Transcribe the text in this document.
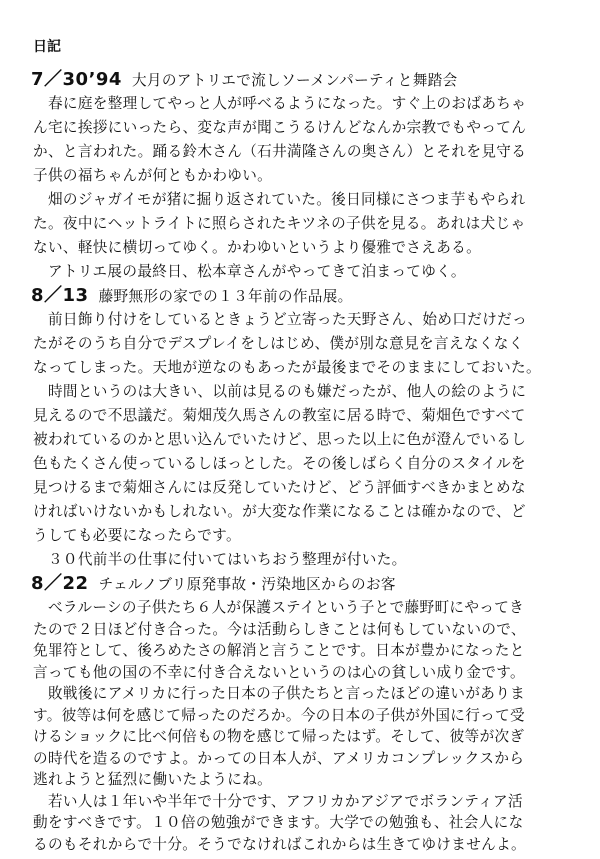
日記
7／30’94 大月のアトリエで流しソーメンパーティと舞踏会
　春に庭を整理してやっと人が呼べるようになった。すぐ上のおばあちゃ
ん宅に挨拶にいったら、変な声が聞こうるけんどなんか宗教でもやってん
か、と言われた。踊る鈴木さん（石井満隆さんの奥さん）とそれを見守る
子供の福ちゃんが何ともかわゆい。
　畑のジャガイモが猪に掘り返されていた。後日同様にさつま芋もやられ
た。夜中にヘットライトに照らされたキツネの子供を見る。あれは犬じゃ
ない、軽快に横切ってゆく。かわゆいというより優雅でさえある。
　アトリエ展の最終日、松本章さんがやってきて泊まってゆく。
8／13 藤野無形の家での１３年前の作品展。
　前日飾り付けをしているときょうど立寄った天野さん、始め口だけだっ
たがそのうち自分でデスプレイをしはじめ、僕が別な意見を言えなくなく
なってしまった。天地が逆なのもあったが最後までそのままにしておいた。
　時間というのは大きい、以前は見るのも嫌だったが、他人の絵のように
見えるので不思議だ。菊畑茂久馬さんの教室に居る時で、菊畑色ですべて
被われているのかと思い込んでいたけど、思った以上に色が澄んでいるし
色もたくさん使っているしほっとした。その後しばらく自分のスタイルを
見つけるまで菊畑さんには反発していたけど、どう評価すべきかまとめな
ければいけないかもしれない。が大変な作業になることは確かなので、ど
うしても必要になったらです。
　３０代前半の仕事に付いてはいちおう整理が付いた。
8／22 チェルノブリ原発事故・汚染地区からのお客
　べラルーシの子供たち６人が保護ステイという子とで藤野町にやってき
たので２日ほど付き合った。今は活動らしきことは何もしていないので、
免罪符として、後ろめたさの解消と言うことです。日本が豊かになったと
言っても他の国の不幸に付き合えないというのは心の貧しい成り金です。
　敗戦後にアメリカに行った日本の子供たちと言ったほどの違いがありま
す。彼等は何を感じて帰ったのだろか。今の日本の子供が外国に行って受
けるショックに比べ何倍もの物を感じて帰ったはず。そして、彼等が次ぎ
の時代を造るのですよ。かっての日本人が、アメリカコンプレックスから
逃れようと猛烈に働いたようにね。
　若い人は１年いや半年で十分です、アフリカかアジアでボランティア活
動をすべきです。１０倍の勉強ができます。大学での勉強も、社会人にな
るのもそれからで十分。そうでなければこれからは生きてゆけませんよ。
